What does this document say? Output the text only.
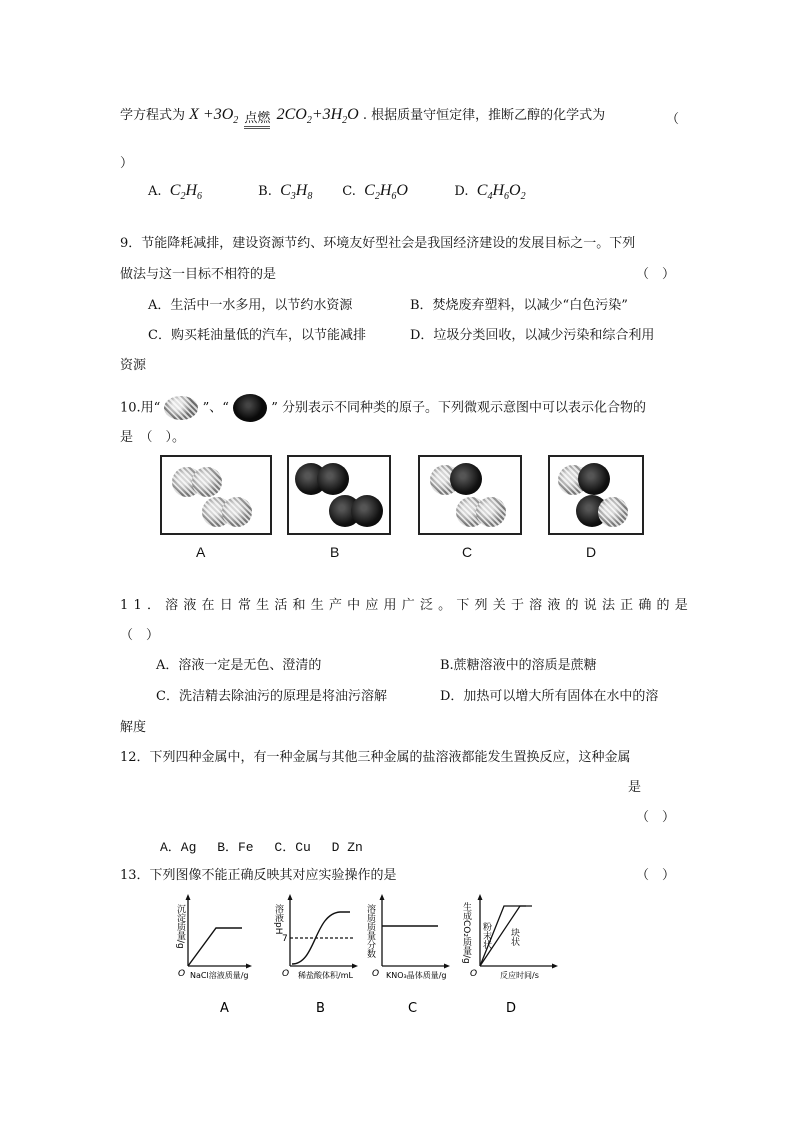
学方程式为 $X +3O_2$ 点燃 $2CO_2+3H_2O$ . 根据质量守恒定律，推断乙醇的化学式为	（
）
A. $C_2H_6$	B. $C_3H_8$ C. $C_2H_6O$	D. $C_4H_6O_2$
9．节能降耗减排，建设资源节约、环境友好型社会是我国经济建设的发展目标之一。下列
做法与这一目标不相符的是	（　）
A．生活中一水多用，以节约水资源	B．焚烧废弃塑料，以减少“白色污染”
C．购买耗油量低的汽车，以节能减排	D．垃圾分类回收，以减少污染和综合利用
资源
10.用“	”、“	” 分别表示不同种类的原子。下列微观示意图中可以表示化合物的
是　（　）。
A	B	C	D
11．溶液在日常生活和生产中应用广泛。下列关于溶液的说法正确的是
（　）
A．溶液一定是无色、澄清的	B.蔗糖溶液中的溶质是蔗糖
C．洗洁精去除油污的原理是将油污溶解	D．加热可以增大所有固体在水中的溶
解度
12．下列四种金属中，有一种金属与其他三种金属的盐溶液都能发生置换反应，这种金属
是
（　）
A．Ag　 B．Fe　 C．Cu　 D Zn
13．下列图像不能正确反映其对应实验操作的是	（　）
沉淀质量/g
O NaCl溶液质量/g
A
溶液pH
7
O 稀盐酸体积/mL
B
溶质质量分数
O KNO₃晶体质量/g
C
生成CO₂质量/g 粉末状 块状
O	反应时间/s
D
